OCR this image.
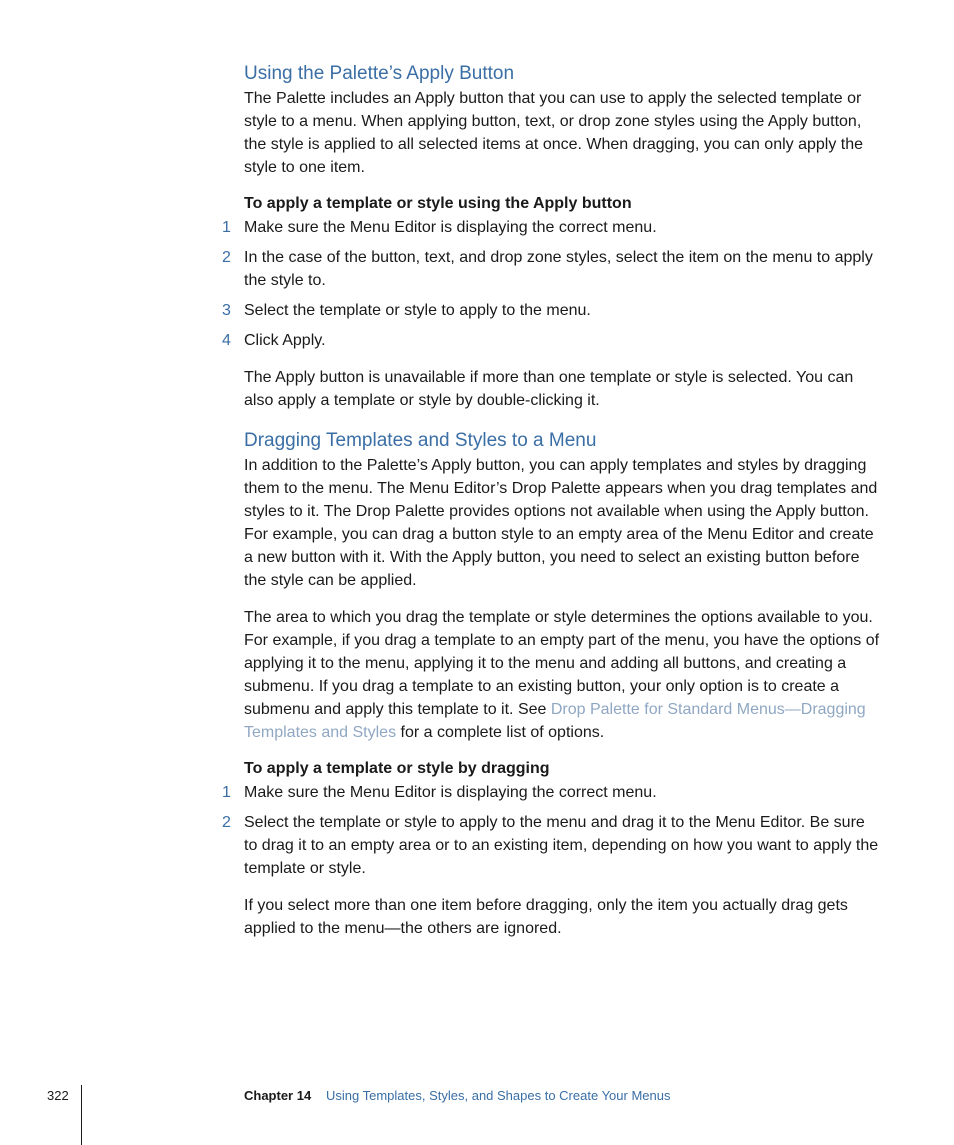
Using the Palette’s Apply Button
The Palette includes an Apply button that you can use to apply the selected template or style to a menu. When applying button, text, or drop zone styles using the Apply button, the style is applied to all selected items at once. When dragging, you can only apply the style to one item.
To apply a template or style using the Apply button
1 Make sure the Menu Editor is displaying the correct menu.
2 In the case of the button, text, and drop zone styles, select the item on the menu to apply the style to.
3 Select the template or style to apply to the menu.
4 Click Apply.
The Apply button is unavailable if more than one template or style is selected. You can also apply a template or style by double-clicking it.
Dragging Templates and Styles to a Menu
In addition to the Palette’s Apply button, you can apply templates and styles by dragging them to the menu. The Menu Editor’s Drop Palette appears when you drag templates and styles to it. The Drop Palette provides options not available when using the Apply button. For example, you can drag a button style to an empty area of the Menu Editor and create a new button with it. With the Apply button, you need to select an existing button before the style can be applied.
The area to which you drag the template or style determines the options available to you. For example, if you drag a template to an empty part of the menu, you have the options of applying it to the menu, applying it to the menu and adding all buttons, and creating a submenu. If you drag a template to an existing button, your only option is to create a submenu and apply this template to it. See Drop Palette for Standard Menus—Dragging Templates and Styles for a complete list of options.
To apply a template or style by dragging
1 Make sure the Menu Editor is displaying the correct menu.
2 Select the template or style to apply to the menu and drag it to the Menu Editor. Be sure to drag it to an empty area or to an existing item, depending on how you want to apply the template or style.
If you select more than one item before dragging, only the item you actually drag gets applied to the menu—the others are ignored.
322	Chapter 14 Using Templates, Styles, and Shapes to Create Your Menus
